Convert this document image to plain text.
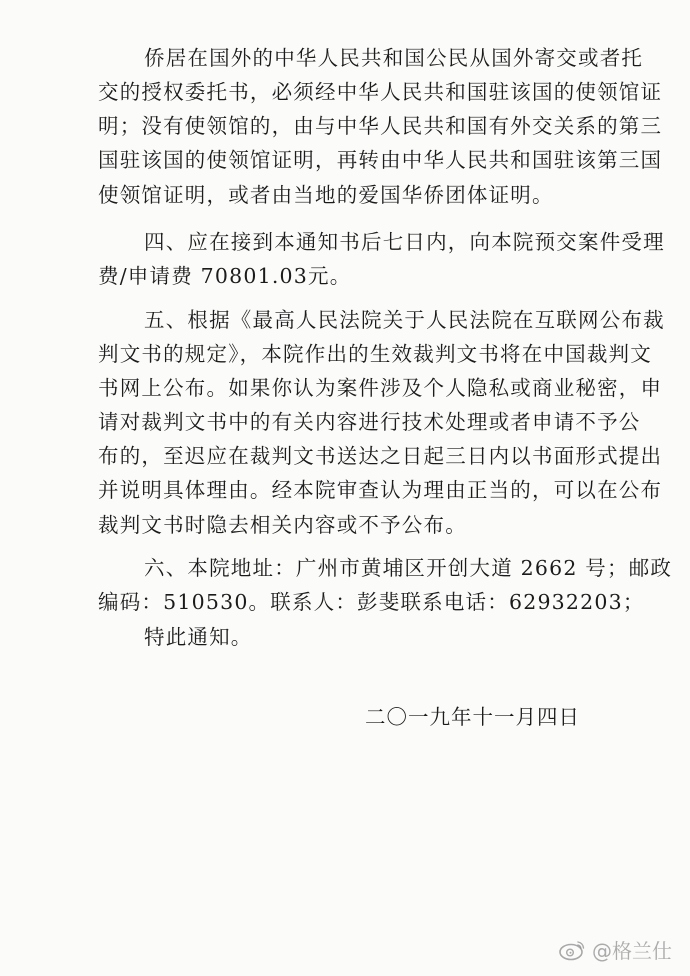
侨居在国外的中华人民共和国公民从国外寄交或者托
交的授权委托书，必须经中华人民共和国驻该国的使领馆证
明；没有使领馆的，由与中华人民共和国有外交关系的第三
国驻该国的使领馆证明，再转由中华人民共和国驻该第三国
使领馆证明，或者由当地的爱国华侨团体证明。
四、应在接到本通知书后七日内，向本院预交案件受理
费/申请费 70801.03元。
五、根据《最高人民法院关于人民法院在互联网公布裁
判文书的规定》，本院作出的生效裁判文书将在中国裁判文
书网上公布。如果你认为案件涉及个人隐私或商业秘密，申
请对裁判文书中的有关内容进行技术处理或者申请不予公
布的，至迟应在裁判文书送达之日起三日内以书面形式提出
并说明具体理由。经本院审查认为理由正当的，可以在公布
裁判文书时隐去相关内容或不予公布。
六、本院地址：广州市黄埔区开创大道 2662 号；邮政
编码：510530。联系人：彭斐联系电话：62932203；
特此通知。
二〇一九年十一月四日
@格兰仕
